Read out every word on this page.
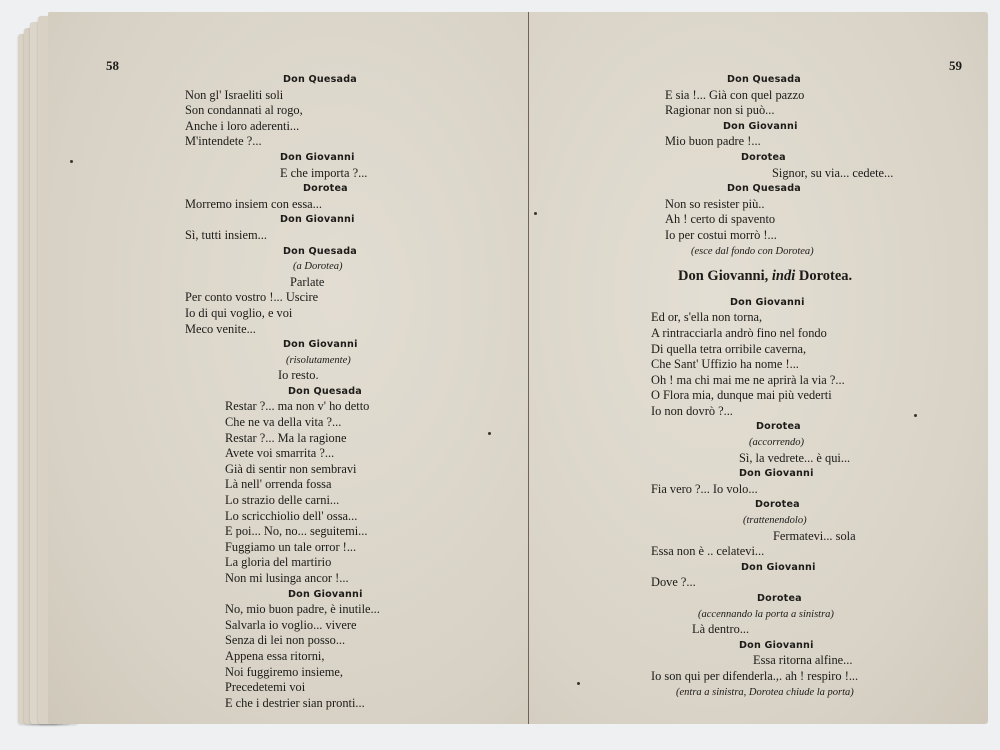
58
Don Quesada
Non gl' Israeliti soli
Son condannati al rogo,
Anche i loro aderenti...
M'intendete ?...
Don Giovanni
E che importa ?...
Dorotea
Morremo insiem con essa...
Don Giovanni
Sì, tutti insiem...
Don Quesada
(a Dorotea)
Parlate
Per conto vostro !... Uscire
Io di qui voglio, e voi
Meco venite...
Don Giovanni
(risolutamente)
Io resto.
Don Quesada
Restar ?... ma non v' ho detto
Che ne va della vita ?...
Restar ?... Ma la ragione
Avete voi smarrita ?...
Già di sentir non sembravi
Là nell' orrenda fossa
Lo strazio delle carni...
Lo scricchiolio dell' ossa...
E poi... No, no... seguitemi...
Fuggiamo un tale orror !...
La gloria del martirio
Non mi lusinga ancor !...
Don Giovanni
No, mio buon padre, è inutile...
Salvarla io voglio... vivere
Senza di lei non posso...
Appena essa ritorni,
Noi fuggiremo insieme,
Precedetemi voi
E che i destrier sian pronti...
59
Don Quesada
E sia !... Già con quel pazzo
Ragionar non si può...
Don Giovanni
Mio buon padre !...
Dorotea
Signor, su via... cedete...
Don Quesada
Non so resister più..
Ah ! certo di spavento
Io per costui morrò !...
(esce dal fondo con Dorotea)
Don Giovanni, indi Dorotea.
Don Giovanni
Ed or, s'ella non torna,
A rintracciarla andrò fino nel fondo
Di quella tetra orribile caverna,
Che Sant' Uffizio ha nome !...
Oh ! ma chi mai me ne aprirà la via ?...
O Flora mia, dunque mai più vederti
Io non dovrò ?...
Dorotea
(accorrendo)
Sì, la vedrete... è qui...
Don Giovanni
Fia vero ?... Io volo...
Dorotea
(trattenendolo)
Fermatevi... sola
Essa non è .. celatevi...
Don Giovanni
Dove ?...
Dorotea
(accennando la porta a sinistra)
Là dentro...
Don Giovanni
Essa ritorna alfine...
Io son qui per difenderla.,. ah ! respiro !...
(entra a sinistra, Dorotea chiude la porta)
